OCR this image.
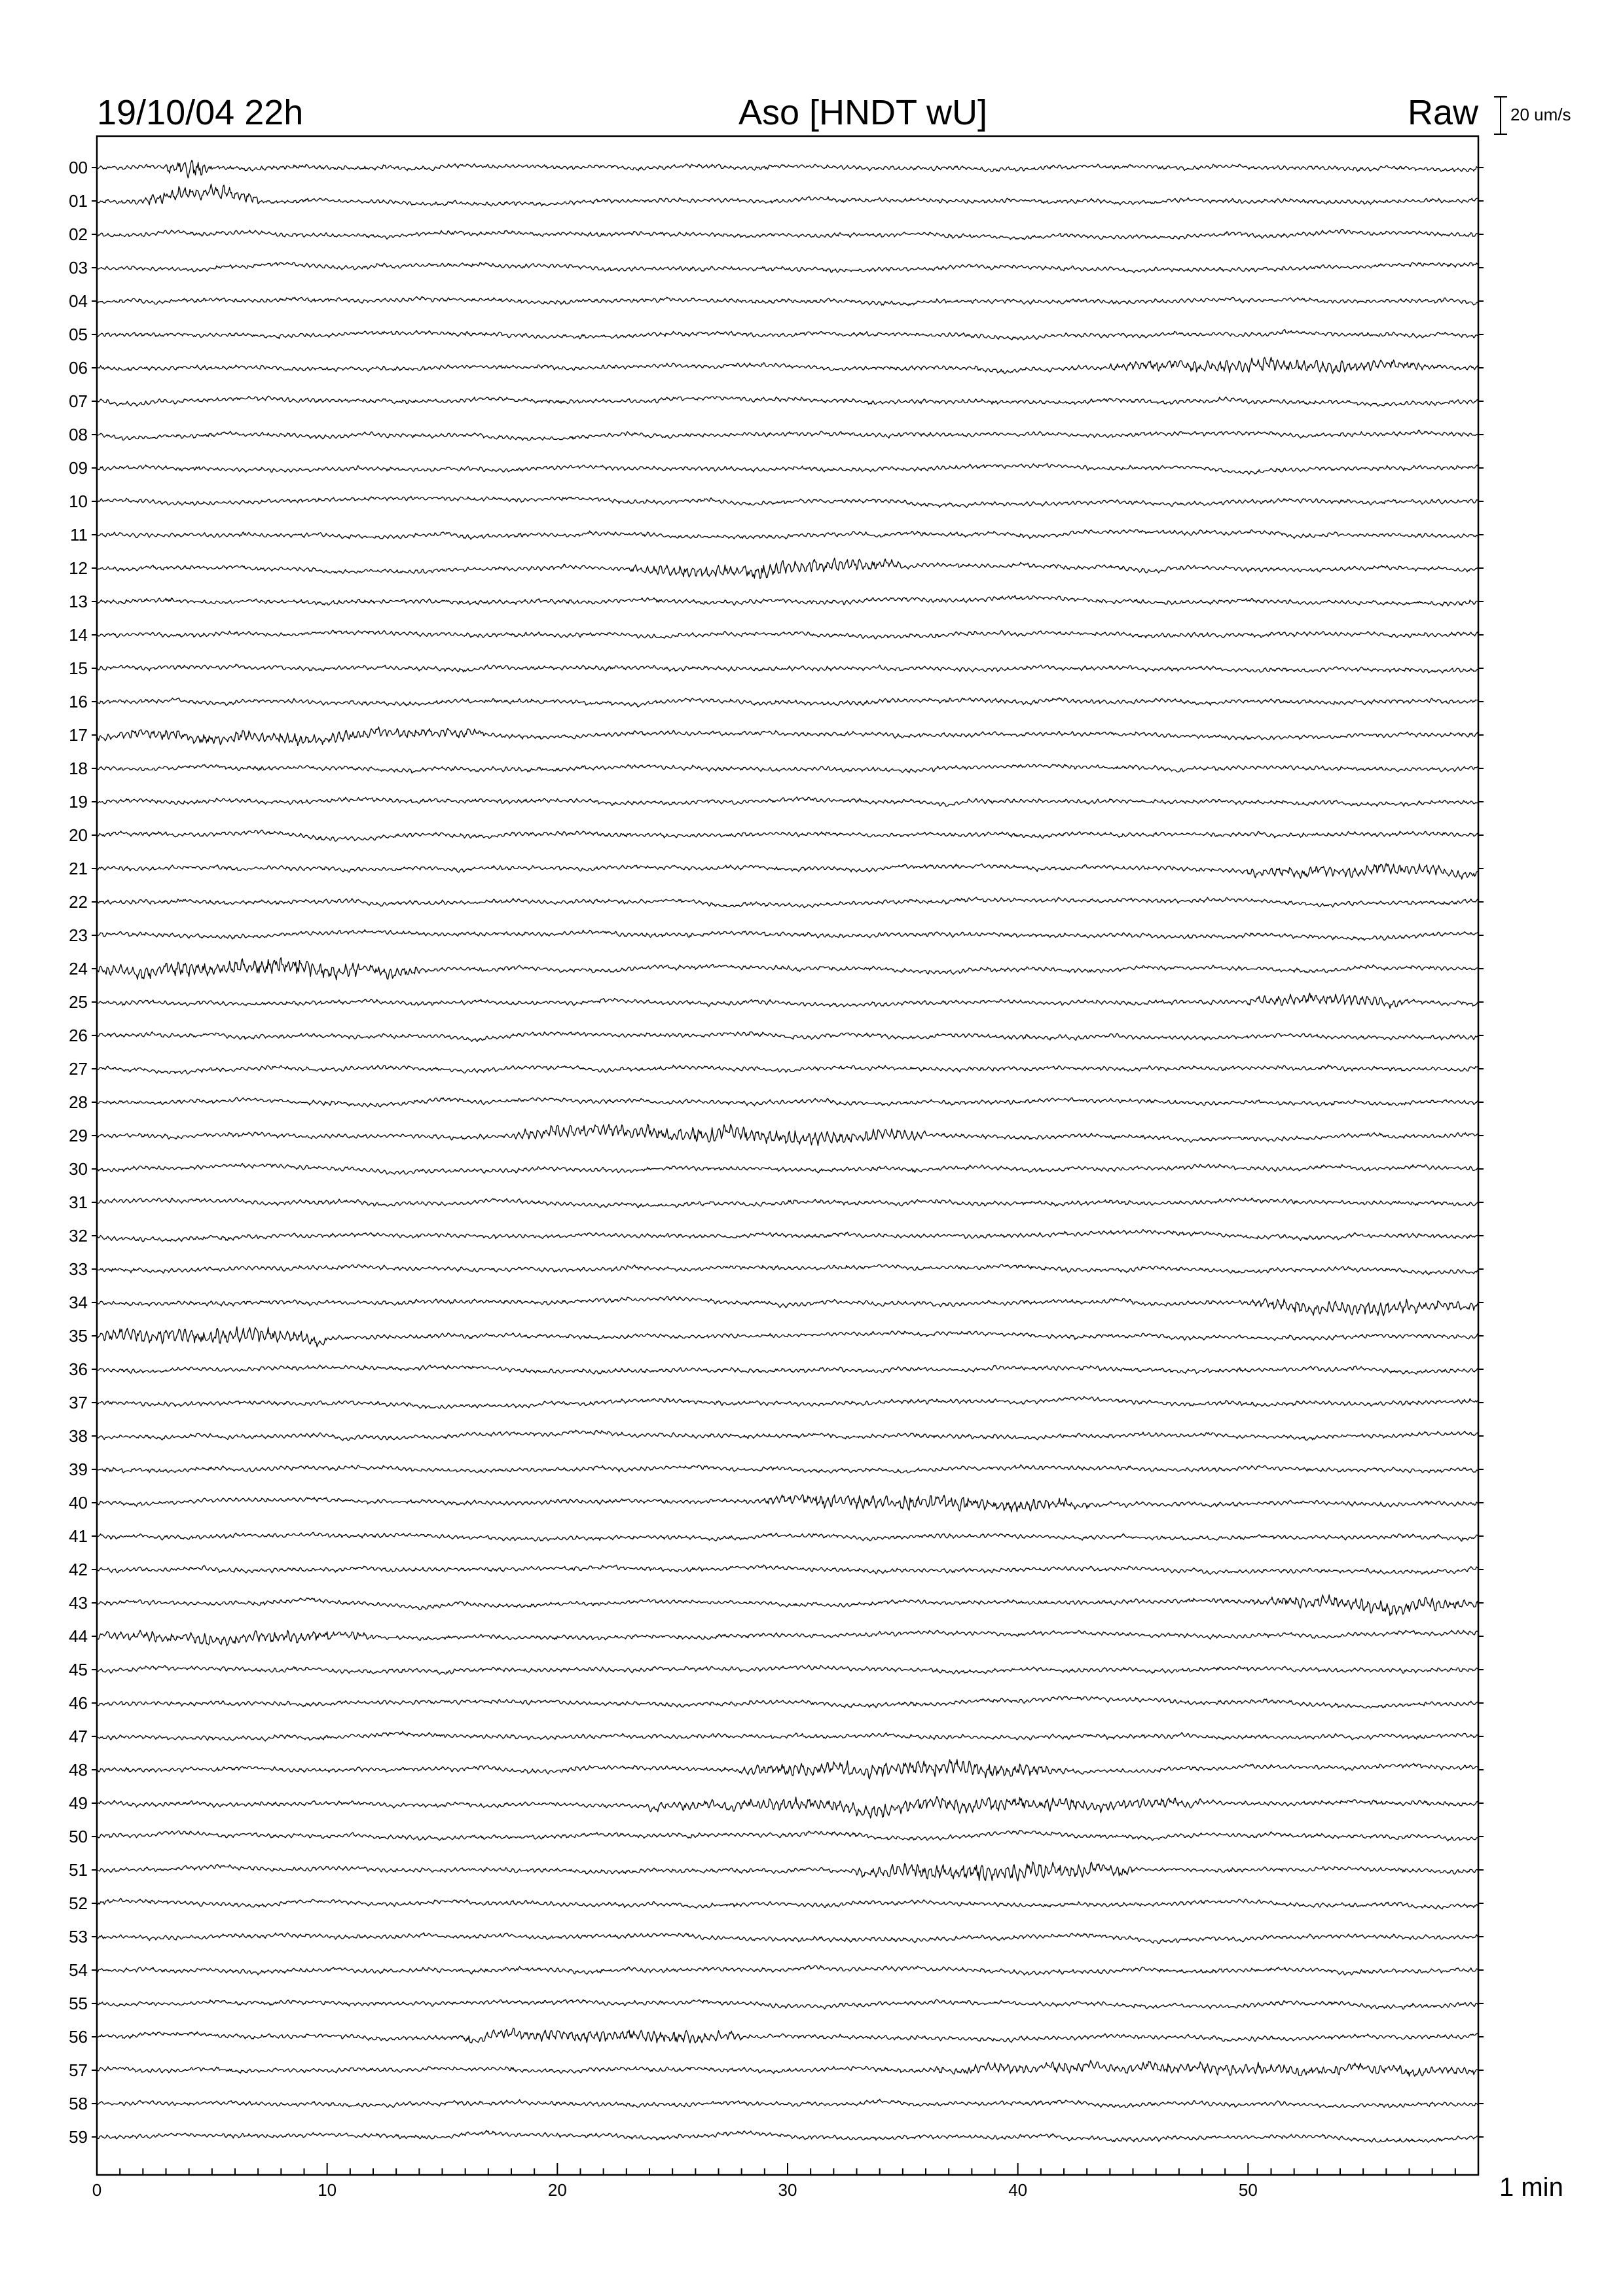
19/10/04 22h	Aso [HNDT wU]	Raw 20 um/s
00
01
02
03
04
05
06
07
08
09
10
11
12
13
14
15
16
17
18
19
20
21
22
23
24
25
26
27
28
29
30
31
32
33
34
35
36
37
38
39
40
41
42
43
44
45
46
47
48
49
50
51
52
53
54
55
56
57
58
59
0	10	20	30	40	50	1 min
